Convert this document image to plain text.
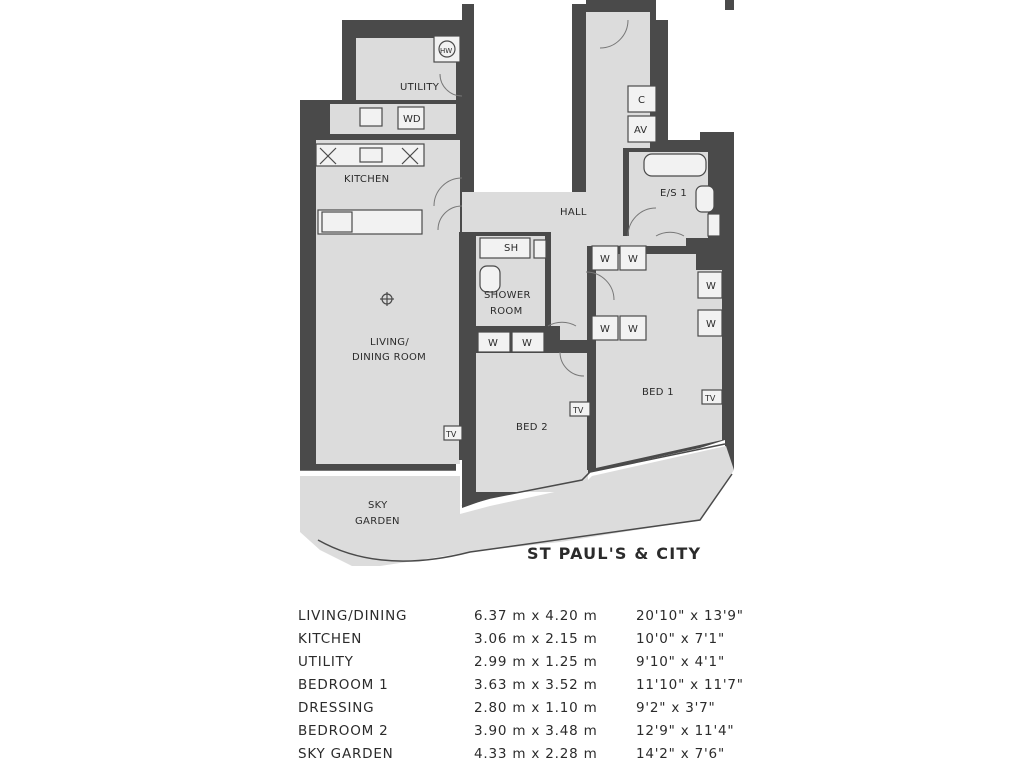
UTILITY
KITCHEN
HALL
E/S 1
SH
SHOWER
ROOM
LIVING/
DINING ROOM
BED 1
BED 2
SKY
GARDEN
HW
WD
C
AV
W W
W W
W W
W
W
TV
TV
TV
ST PAUL'S & CITY
LIVING/DINING	6.37 m x 4.20 m	20'10" x 13'9"
KITCHEN	3.06 m x 2.15 m	10'0" x 7'1"
UTILITY	2.99 m x 1.25 m	9'10" x 4'1"
BEDROOM 1	3.63 m x 3.52 m	11'10" x 11'7"
DRESSING	2.80 m x 1.10 m	9'2" x 3'7"
BEDROOM 2	3.90 m x 3.48 m	12'9" x 11'4"
SKY GARDEN	4.33 m x 2.28 m	14'2" x 7'6"
